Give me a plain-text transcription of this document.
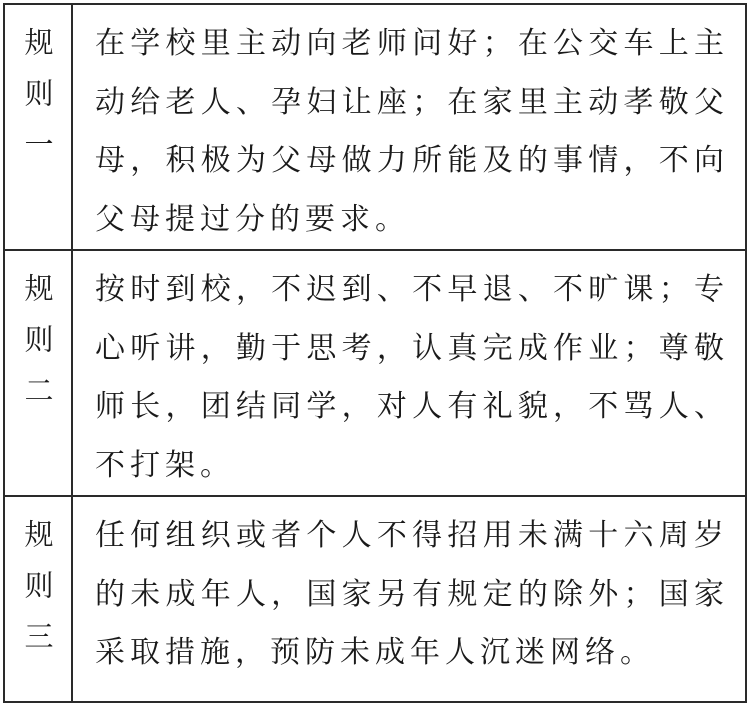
规则一	在学校里主动向老师问好；在公交车上主动给老人、孕妇让座；在家里主动孝敬父母，积极为父母做力所能及的事情，不向父母提过分的要求。

规则二	按时到校，不迟到、不早退、不旷课；专心听讲，勤于思考，认真完成作业；尊敬师长，团结同学，对人有礼貌，不骂人、不打架。

规则三	任何组织或者个人不得招用未满十六周岁的未成年人，国家另有规定的除外；国家采取措施，预防未成年人沉迷网络。
